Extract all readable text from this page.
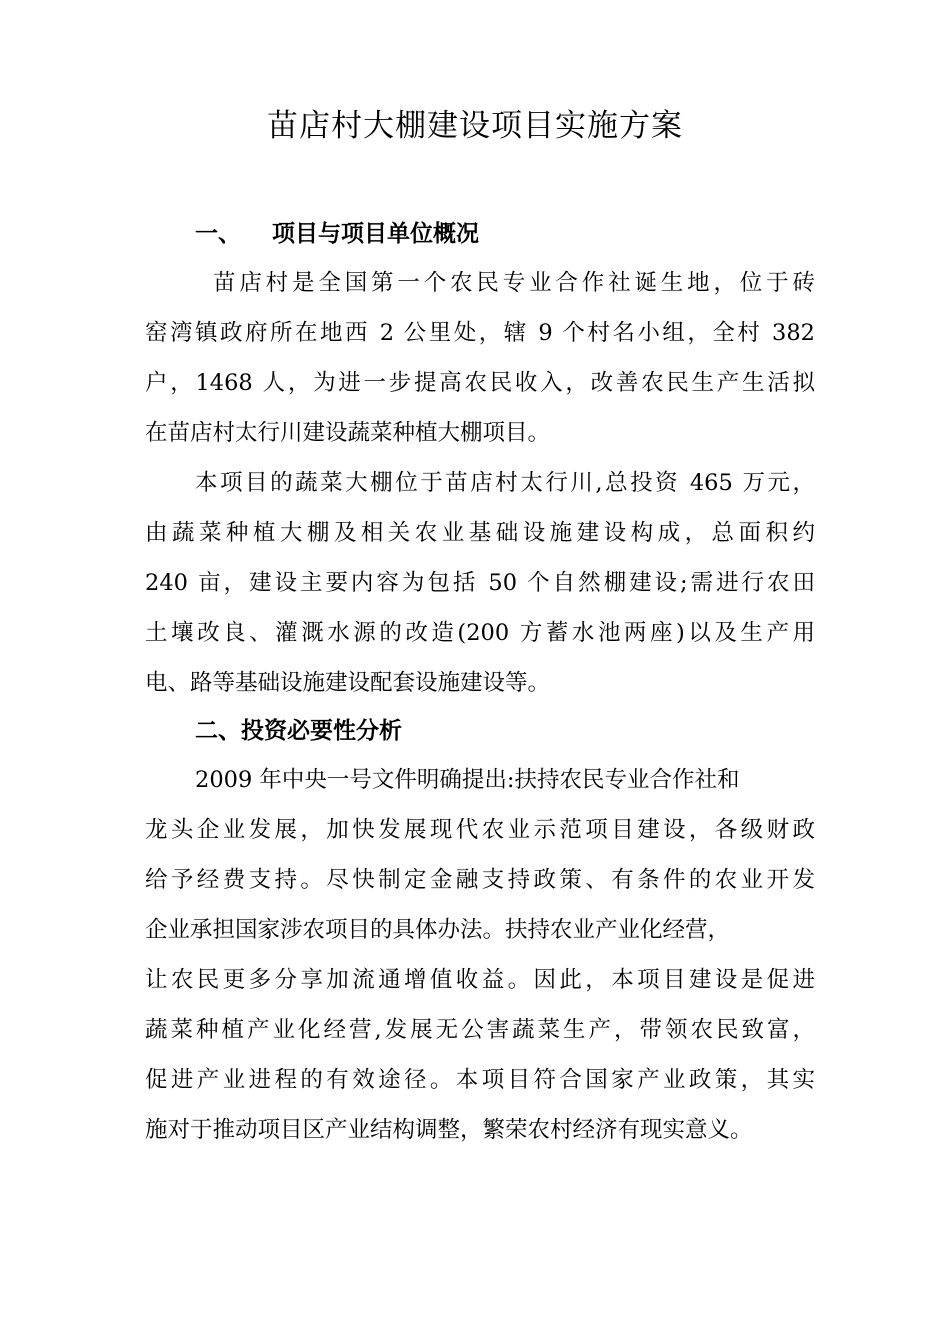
苗店村大棚建设项目实施方案
一、 项目与项目单位概况
苗店村是全国第一个农民专业合作社诞生地，位于砖
窑湾镇政府所在地西 2 公里处，辖 9 个村名小组，全村 382
户，1468 人，为进一步提高农民收入，改善农民生产生活拟
在苗店村太行川建设蔬菜种植大棚项目。
本项目的蔬菜大棚位于苗店村太行川,总投资 465 万元，
由蔬菜种植大棚及相关农业基础设施建设构成，总面积约
240 亩，建设主要内容为包括 50 个自然棚建设;需进行农田
土壤改良、灌溉水源的改造(200 方蓄水池两座)以及生产用
电、路等基础设施建设配套设施建设等。
二、投资必要性分析
2009 年中央一号文件明确提出:扶持农民专业合作社和
龙头企业发展，加快发展现代农业示范项目建设，各级财政
给予经费支持。尽快制定金融支持政策、有条件的农业开发
企业承担国家涉农项目的具体办法。扶持农业产业化经营，
让农民更多分享加流通增值收益。因此，本项目建设是促进
蔬菜种植产业化经营,发展无公害蔬菜生产，带领农民致富，
促进产业进程的有效途径。本项目符合国家产业政策，其实
施对于推动项目区产业结构调整，繁荣农村经济有现实意义。
